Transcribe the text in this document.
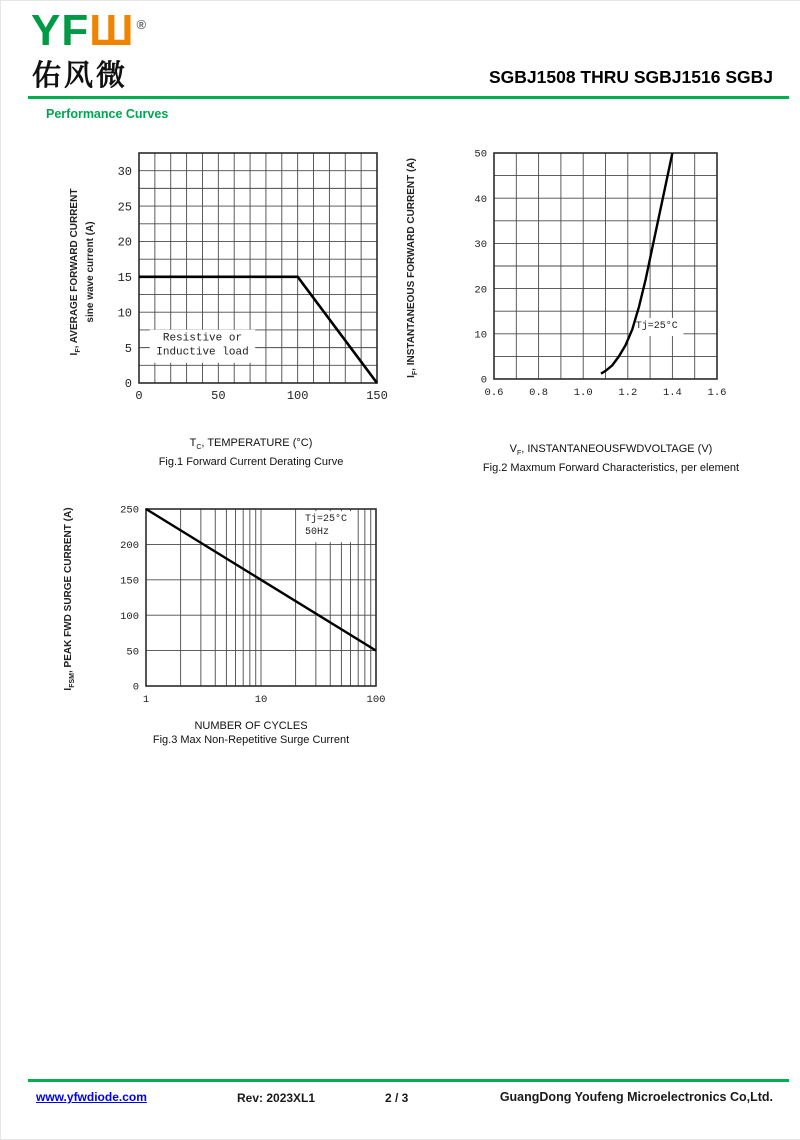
YFШ ®
佑风微	SGBJ1508 THRU SGBJ1516 SGBJ
Performance Curves
$I_F$, AVERAGE FORWARD CURRENT sine wave current (A)
0
5
10
15
20
25
30
0	50	100	150
Resistive or
Inductive load
$T_C$, TEMPERATURE (°C)
Fig.1 Forward Current Derating Curve
$I_F$, INSTANTANEOUS FORWARD CURRENT (A)
0
10
20
30
40
50
0.6 0.8 1.0 1.2 1.4 1.6
Tj=25°C
$V_F$, INSTANTANEOUSFWDVOLTAGE (V)
Fig.2 Maxmum Forward Characteristics, per element
$I_{FSM}$, PEAK FWD SURGE CURRENT (A)
0
50
100
150
200
250
1	10	100
Tj=25°C
50Hz
NUMBER OF CYCLES
Fig.3 Max Non-Repetitive Surge Current
www.yfwdiode.com	Rev: 2023XL1	2 / 3	GuangDong Youfeng Microelectronics Co,Ltd.
